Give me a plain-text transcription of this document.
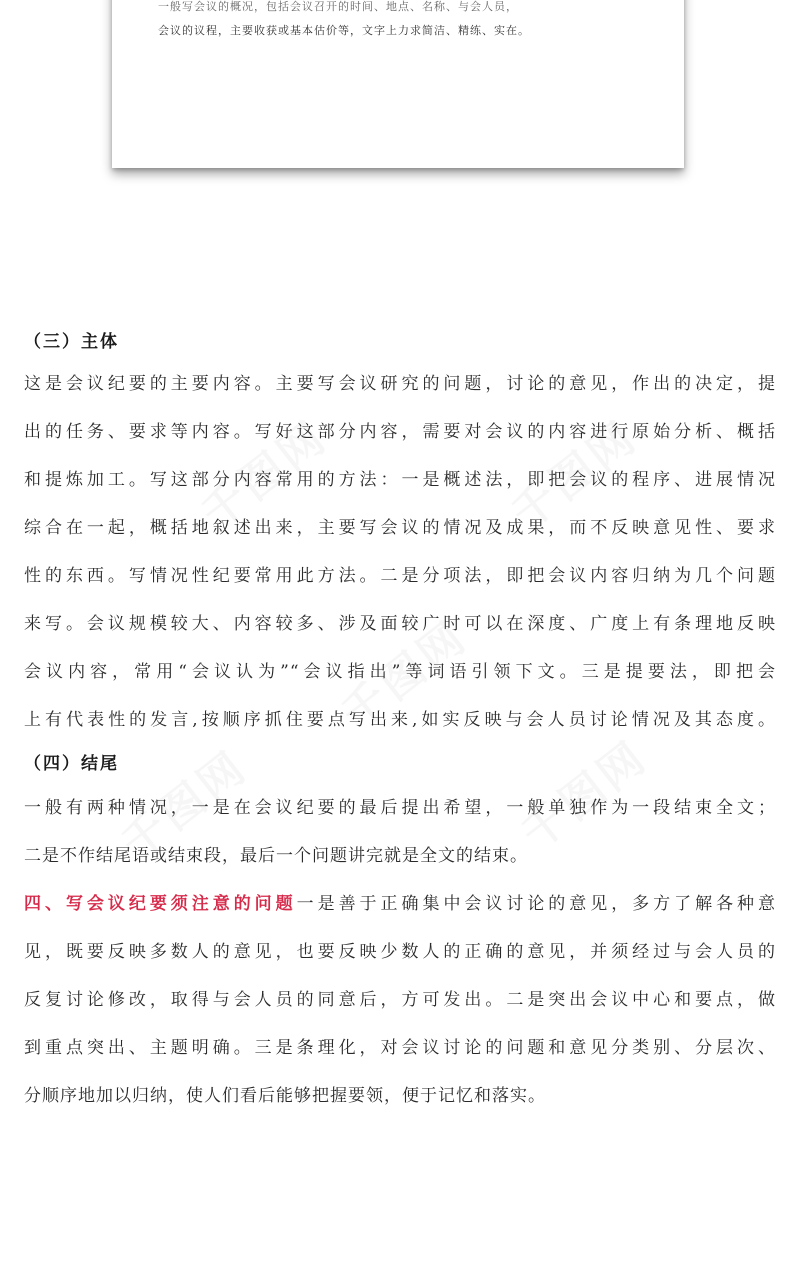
一般写会议的概况，包括会议召开的时间、地点、名称、与会人员，
会议的议程，主要收获或基本估价等，文字上力求简洁、精练、实在。
（三）主体
这是会议纪要的主要内容。主要写会议研究的问题，讨论的意见，作出的决定，提
出的任务、要求等内容。写好这部分内容，需要对会议的内容进行原始分析、概括
和提炼加工。写这部分内容常用的方法：一是概述法，即把会议的程序、进展情况
综合在一起，概括地叙述出来，主要写会议的情况及成果，而不反映意见性、要求
性的东西。写情况性纪要常用此方法。二是分项法，即把会议内容归纳为几个问题
来写。会议规模较大、内容较多、涉及面较广时可以在深度、广度上有条理地反映
会议内容，常用“会议认为”“会议指出”等词语引领下文。三是提要法，即把会
上有代表性的发言,按顺序抓住要点写出来,如实反映与会人员讨论情况及其态度。
（四）结尾
一般有两种情况，一是在会议纪要的最后提出希望，一般单独作为一段结束全文；
二是不作结尾语或结束段，最后一个问题讲完就是全文的结束。
四、写会议纪要须注意的问题一是善于正确集中会议讨论的意见，多方了解各种意
见，既要反映多数人的意见，也要反映少数人的正确的意见，并须经过与会人员的
反复讨论修改，取得与会人员的同意后，方可发出。二是突出会议中心和要点，做
到重点突出、主题明确。三是条理化，对会议讨论的问题和意见分类别、分层次、
分顺序地加以归纳，使人们看后能够把握要领，便于记忆和落实。
